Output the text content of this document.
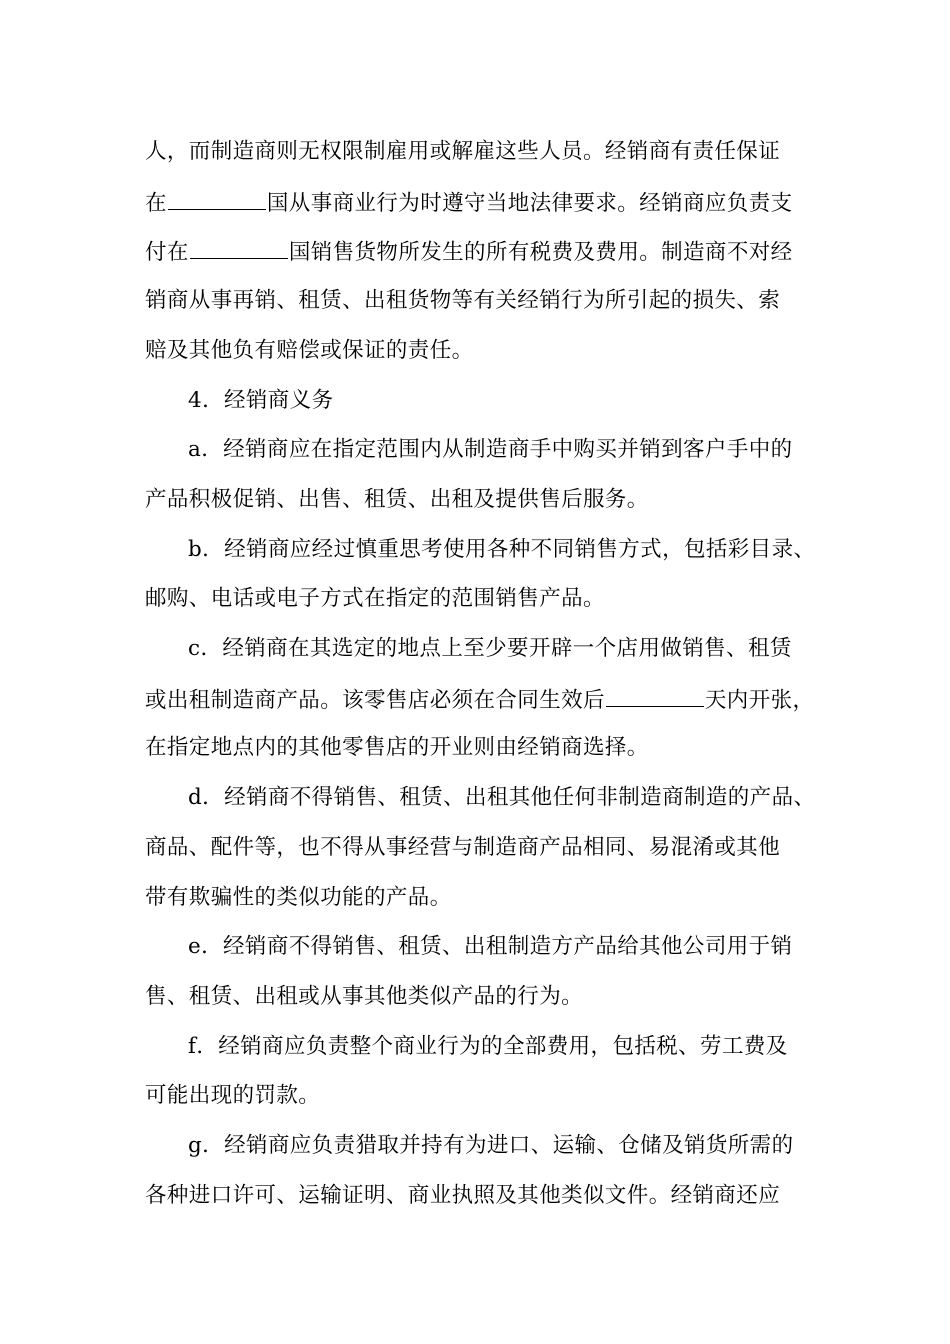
人，而制造商则无权限制雇用或解雇这些人员。经销商有责任保证
在	国从事商业行为时遵守当地法律要求。经销商应负责支
付在	国销售货物所发生的所有税费及费用。制造商不对经
销商从事再销、租赁、出租货物等有关经销行为所引起的损失、索
赔及其他负有赔偿或保证的责任。
4．经销商义务
a．经销商应在指定范围内从制造商手中购买并销到客户手中的
产品积极促销、出售、租赁、出租及提供售后服务。
b．经销商应经过慎重思考使用各种不同销售方式，包括彩目录、
邮购、电话或电子方式在指定的范围销售产品。
c．经销商在其选定的地点上至少要开辟一个店用做销售、租赁
或出租制造商产品。该零售店必须在合同生效后	天内开张，
在指定地点内的其他零售店的开业则由经销商选择。
d．经销商不得销售、租赁、出租其他任何非制造商制造的产品、
商品、配件等，也不得从事经营与制造商产品相同、易混淆或其他
带有欺骗性的类似功能的产品。
e．经销商不得销售、租赁、出租制造方产品给其他公司用于销
售、租赁、出租或从事其他类似产品的行为。
f．经销商应负责整个商业行为的全部费用，包括税、劳工费及
可能出现的罚款。
g．经销商应负责猎取并持有为进口、运输、仓储及销货所需的
各种进口许可、运输证明、商业执照及其他类似文件。经销商还应
